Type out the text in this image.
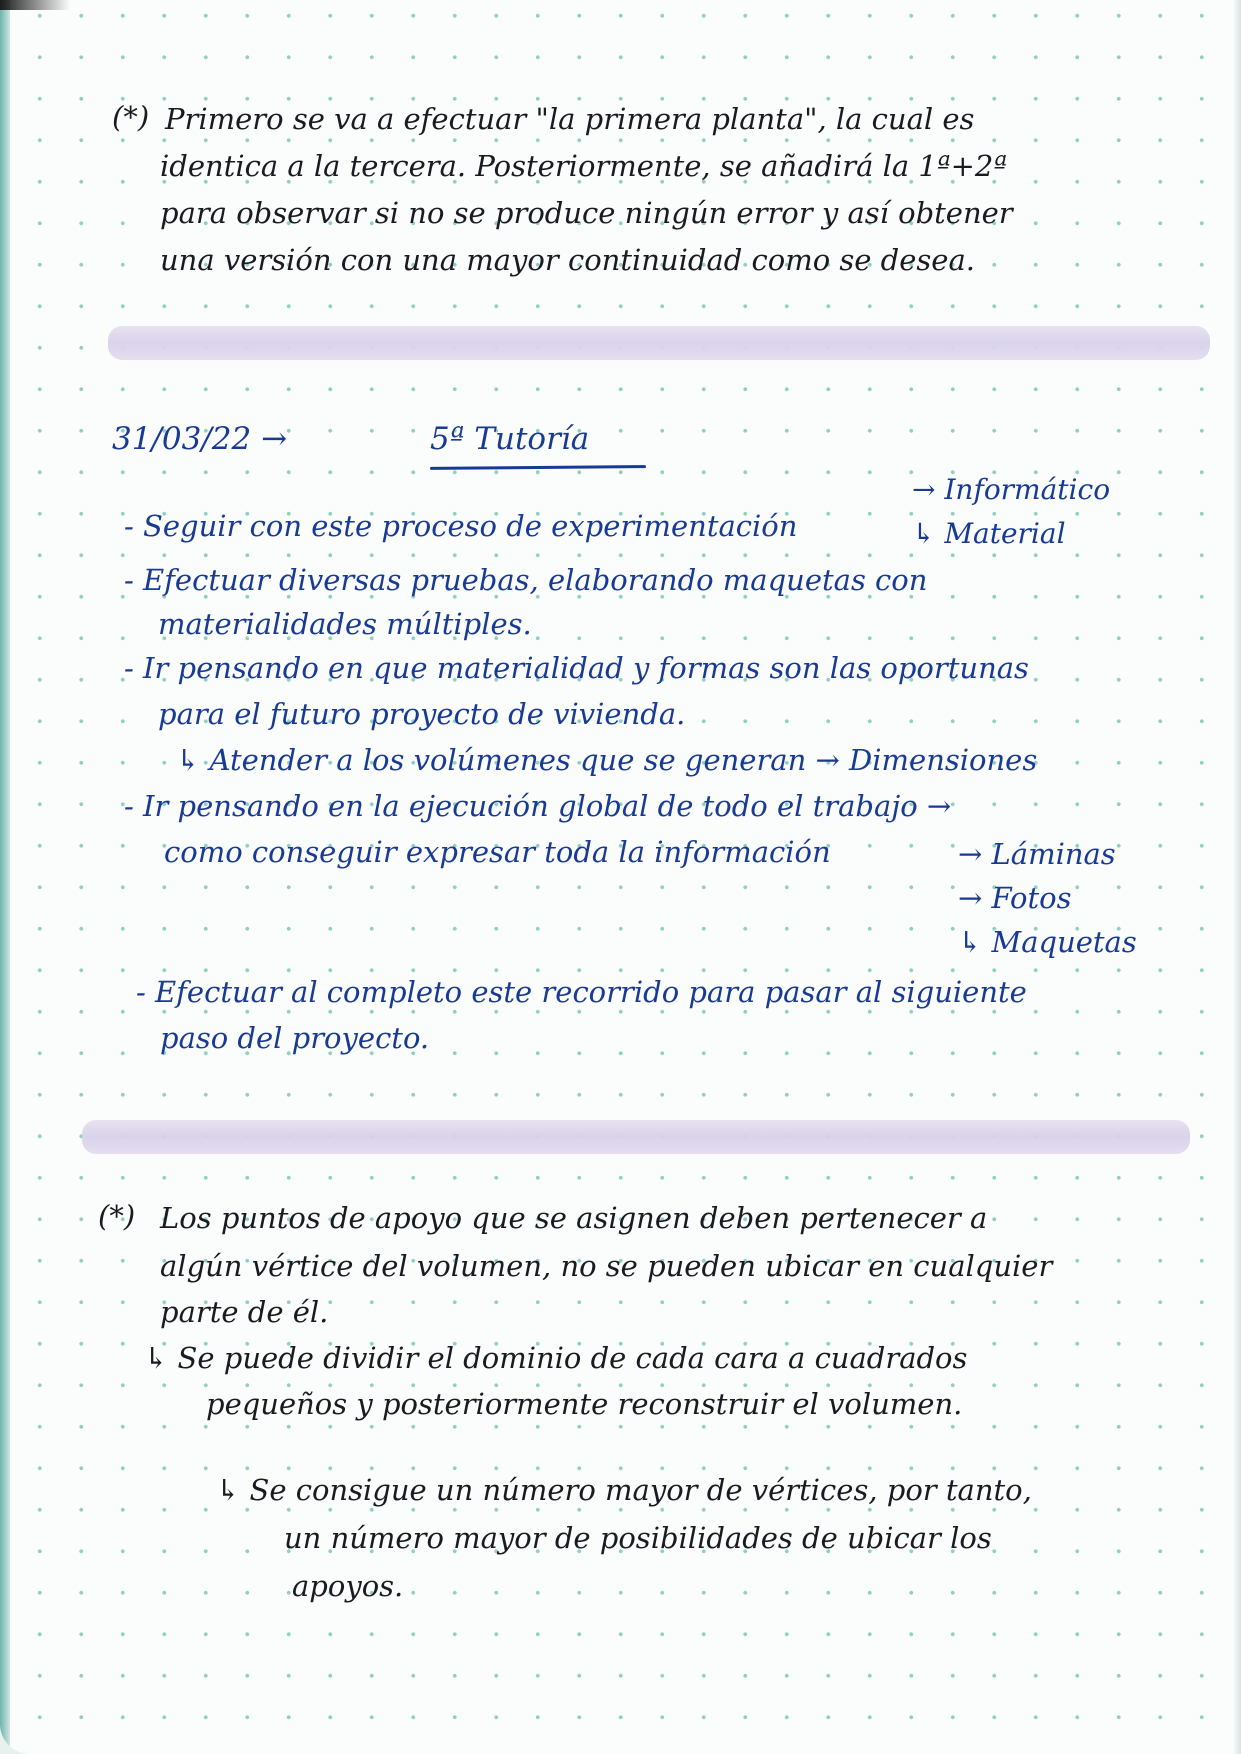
(*) Primero se va a efectuar "la primera planta", la cual es
identica a la tercera. Posteriormente, se añadirá la 1ª+2ª
para observar si no se produce ningún error y así obtener
una versión con una mayor continuidad como se desea.
31/03/22 →	5ª Tutoría
→ Informático
↳ Material
- Seguir con este proceso de experimentación
- Efectuar diversas pruebas, elaborando maquetas con
materialidades múltiples.
- Ir pensando en que materialidad y formas son las oportunas
para el futuro proyecto de vivienda.
↳ Atender a los volúmenes que se generan → Dimensiones
- Ir pensando en la ejecución global de todo el trabajo →
como conseguir expresar toda la información	→ Láminas
→ Fotos
↳ Maquetas
- Efectuar al completo este recorrido para pasar al siguiente
paso del proyecto.
(*) Los puntos de apoyo que se asignen deben pertenecer a
algún vértice del volumen, no se pueden ubicar en cualquier
parte de él.
↳ Se puede dividir el dominio de cada cara a cuadrados
pequeños y posteriormente reconstruir el volumen.
↳ Se consigue un número mayor de vértices, por tanto,
un número mayor de posibilidades de ubicar los
apoyos.
